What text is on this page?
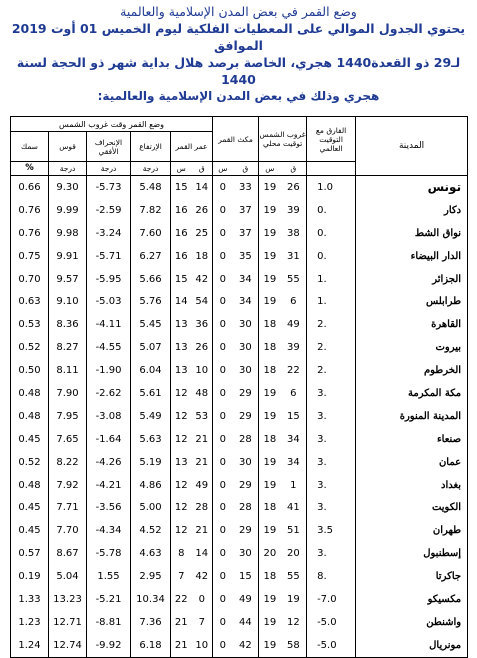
وضع القمر في بعض المدن الإسلامية والعالمية
يحتوي الجدول الموالي على المعطيات الفلكية ليوم الخميس 01 أوت 2019 الموافق
لـ29 ذو القعدة1440 هجري، الخاصة برصد هلال بداية شهر ذو الحجة لسنة 1440
هجري وذلك في بعض المدن الإسلامية والعالمية:
وضع القمر وقت غروب الشمس						مكث القمر		غروب الشمس توقيت محلي		الفارق مع التوقيت العالمي	المدينة
سمك	قوس	الإنحراف الأفقي	الإرتفاع	عمر القمر							
%	درجة	درجة	درجة	س	ق	س	ق	س	ق		
0.66	9.30	-5.73	5.48	15	14	0	33	19	26	1.0	تونس
0.76	9.99	-2.59	7.82	16	26	0	37	19	39	0.	دكار
0.76	9.98	-3.24	7.60	16	25	0	37	19	38	0.	نواق الشط
0.75	9.91	-5.71	6.27	16	18	0	35	19	31	0.	الدار البيضاء
0.70	9.57	-5.95	5.66	15	42	0	34	19	55	1.	الجزائر
0.63	9.10	-5.03	5.76	14	54	0	34	19	6	1.	طرابلس
0.53	8.36	-4.11	5.45	13	36	0	30	18	49	2.	القاهرة
0.52	8.27	-4.55	5.07	13	26	0	30	18	39	2.	بيروت
0.50	8.11	-1.90	6.04	13	10	0	30	18	22	2.	الخرطوم
0.48	7.90	-2.62	5.61	12	48	0	29	19	6	3.	مكة المكرمة
0.48	7.95	-3.08	5.49	12	53	0	29	19	15	3.	المدينة المنورة
0.45	7.65	-1.64	5.63	12	21	0	28	18	34	3.	صنعاء
0.52	8.22	-4.26	5.19	13	21	0	30	19	34	3.	عمان
0.48	7.92	-4.21	4.86	12	49	0	29	19	1	3.	بغداد
0.45	7.71	-3.56	5.00	12	28	0	28	18	41	3.	الكويت
0.45	7.70	-4.34	4.52	12	21	0	29	19	51	3.5	طهران
0.57	8.67	-5.78	4.63	8	14	0	30	20	20	3.	إسطنبول
0.19	5.04	1.55	2.95	7	42	0	15	18	55	8.	جاكرتا
1.33	13.23	-5.21	10.34	22	0	0	49	19	19	-7.0	مكسيكو
1.23	12.71	-8.81	7.36	21	7	0	44	19	12	-5.0	واشنطن
1.24	12.74	-9.92	6.18	21	10	0	42	19	58	-5.0	مونريال
